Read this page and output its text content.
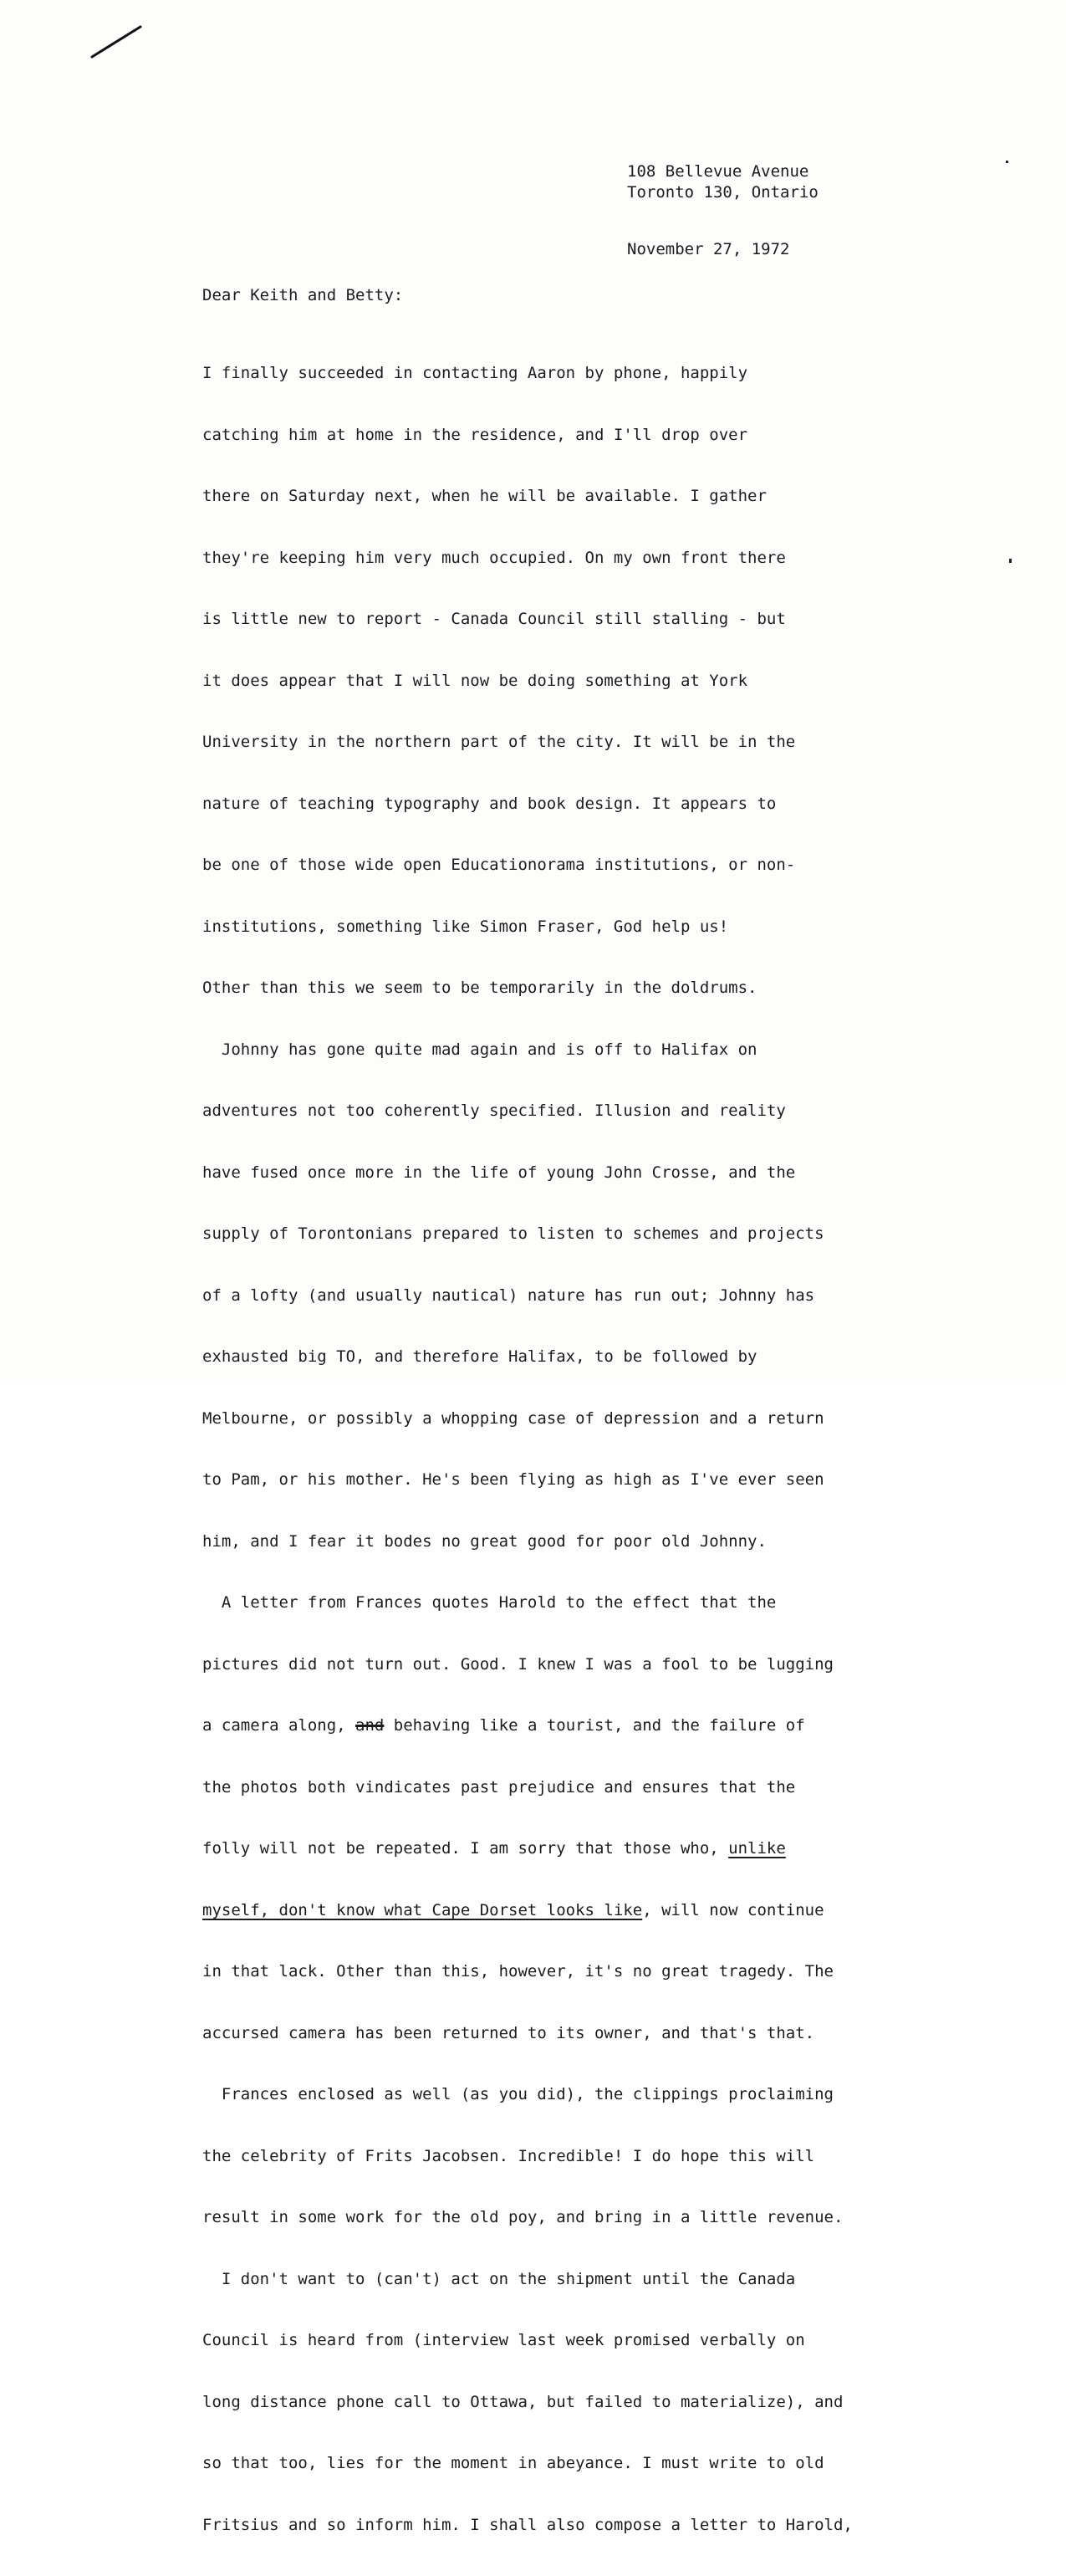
108 Bellevue Avenue
Toronto 130, Ontario
November 27, 1972
Dear Keith and Betty:

I finally succeeded in contacting Aaron by phone, happily

catching him at home in the residence, and I'll drop over

there on Saturday next, when he will be available. I gather

they're keeping him very much occupied. On my own front there

is little new to report - Canada Council still stalling - but

it does appear that I will now be doing something at York

University in the northern part of the city. It will be in the

nature of teaching typography and book design. It appears to

be one of those wide open Educationorama institutions, or non-

institutions, something like Simon Fraser, God help us!

Other than this we seem to be temporarily in the doldrums.

Johnny has gone quite mad again and is off to Halifax on

adventures not too coherently specified. Illusion and reality

have fused once more in the life of young John Crosse, and the

supply of Torontonians prepared to listen to schemes and projects

of a lofty (and usually nautical) nature has run out; Johnny has

exhausted big TO, and therefore Halifax, to be followed by

Melbourne, or possibly a whopping case of depression and a return

to Pam, or his mother. He's been flying as high as I've ever seen

him, and I fear it bodes no great good for poor old Johnny.

A letter from Frances quotes Harold to the effect that the

pictures did not turn out. Good. I knew I was a fool to be lugging

a camera along, and behaving like a tourist, and the failure of

the photos both vindicates past prejudice and ensures that the

folly will not be repeated. I am sorry that those who, unlike

myself, don't know what Cape Dorset looks like, will now continue

in that lack. Other than this, however, it's no great tragedy. The

accursed camera has been returned to its owner, and that's that.

Frances enclosed as well (as you did), the clippings proclaiming

the celebrity of Frits Jacobsen. Incredible! I do hope this will

result in some work for the old poy, and bring in a little revenue.

I don't want to (can't) act on the shipment until the Canada

Council is heard from (interview last week promised verbally on

long distance phone call to Ottawa, but failed to materialize), and

so that too, lies for the moment in abeyance. I must write to old

Fritsius and so inform him. I shall also compose a letter to Harold,
